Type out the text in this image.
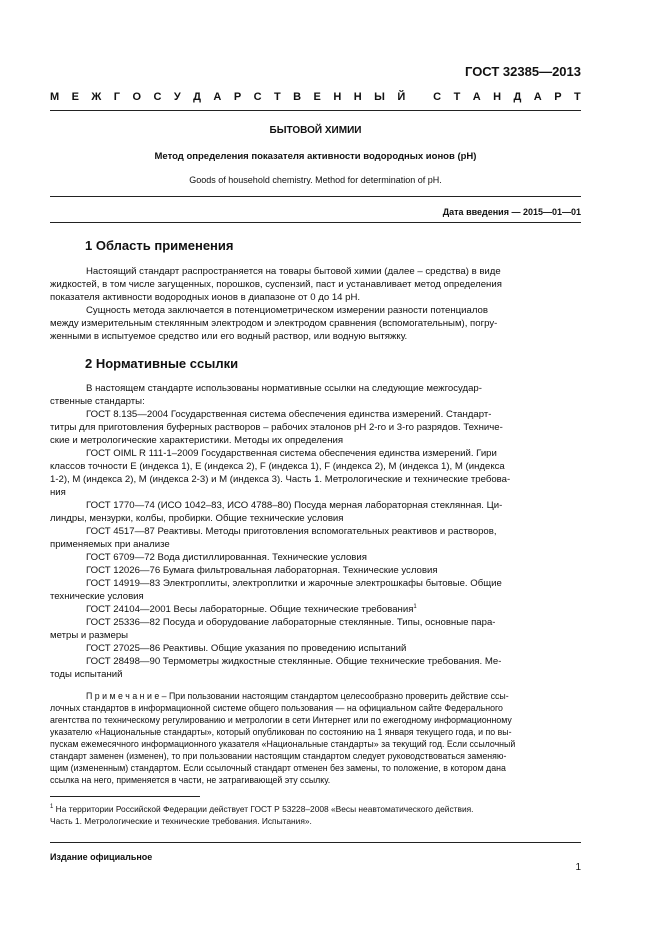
ГОСТ 32385—2013
М Е Ж Г О С У Д А Р С Т В Е Н Н Ы Й
	С Т А Н Д А Р Т
БЫТОВОЙ ХИМИИ
Метод определения показателя активности водородных ионов (pH)
Goods of household chemistry. Method for determination of pH.
Дата введения — 2015—01—01
1 Область применения
Настоящий стандарт распространяется на товары бытовой химии (далее – средства) в виде
жидкостей, в том числе загущенных, порошков, суспензий, паст и устанавливает метод определения
показателя активности водородных ионов в диапазоне от 0 до 14 pH.
Сущность метода заключается в потенциометрическом измерении разности потенциалов
между измерительным стеклянным электродом и электродом сравнения (вспомогательным), погру-
женными в испытуемое средство или его водный раствор, или водную вытяжку.
2 Нормативные ссылки
В настоящем стандарте использованы нормативные ссылки на следующие межгосудар-
ственные стандарты:
ГОСТ 8.135—2004 Государственная система обеспечения единства измерений. Стандарт-
титры для приготовления буферных растворов – рабочих эталонов pH 2-го и 3-го разрядов. Техниче-
ские и метрологические характеристики. Методы их определения
ГОСТ OIML R 111-1–2009 Государственная система обеспечения единства измерений. Гири
классов точности E (индекса 1), E (индекса 2), F (индекса 1), F (индекса 2), M (индекса 1), M (индекса
1-2), M (индекса 2), M (индекса 2-3) и M (индекса 3). Часть 1. Метрологические и технические требова-
ния
ГОСТ 1770—74 (ИСО 1042–83, ИСО 4788–80) Посуда мерная лабораторная стеклянная. Ци-
линдры, мензурки, колбы, пробирки. Общие технические условия
ГОСТ 4517—87 Реактивы. Методы приготовления вспомогательных реактивов и растворов,
применяемых при анализе
ГОСТ 6709—72 Вода дистиллированная. Технические условия
ГОСТ 12026—76 Бумага фильтровальная лабораторная. Технические условия
ГОСТ 14919—83 Электроплиты, электроплитки и жарочные электрошкафы бытовые. Общие
технические условия
ГОСТ 24104—2001 Весы лабораторные. Общие технические требования$^1$
ГОСТ 25336—82 Посуда и оборудование лабораторные стеклянные. Типы, основные пара-
метры и размеры
ГОСТ 27025—86 Реактивы. Общие указания по проведению испытаний
ГОСТ 28498—90 Термометры жидкостные стеклянные. Общие технические требования. Ме-
тоды испытаний
П р и м е ч а н и е – При пользовании настоящим стандартом целесообразно проверить действие ссы-
лочных стандартов в информационной системе общего пользования — на официальном сайте Федерального
агентства по техническому регулированию и метрологии в сети Интернет или по ежегодному информационному
указателю «Национальные стандарты», который опубликован по состоянию на 1 января текущего года, и по вы-
пускам ежемесячного информационного указателя «Национальные стандарты» за текущий год. Если ссылочный
стандарт заменен (изменен), то при пользовании настоящим стандартом следует руководствоваться заменяю-
щим (измененным) стандартом. Если ссылочный стандарт отменен без замены, то положение, в котором дана
ссылка на него, применяется в части, не затрагивающей эту ссылку.
$^1$ На территории Российской Федерации действует ГОСТ Р 53228–2008 «Весы неавтоматического действия.
Часть 1. Метрологические и технические требования. Испытания».
Издание официальное
1
